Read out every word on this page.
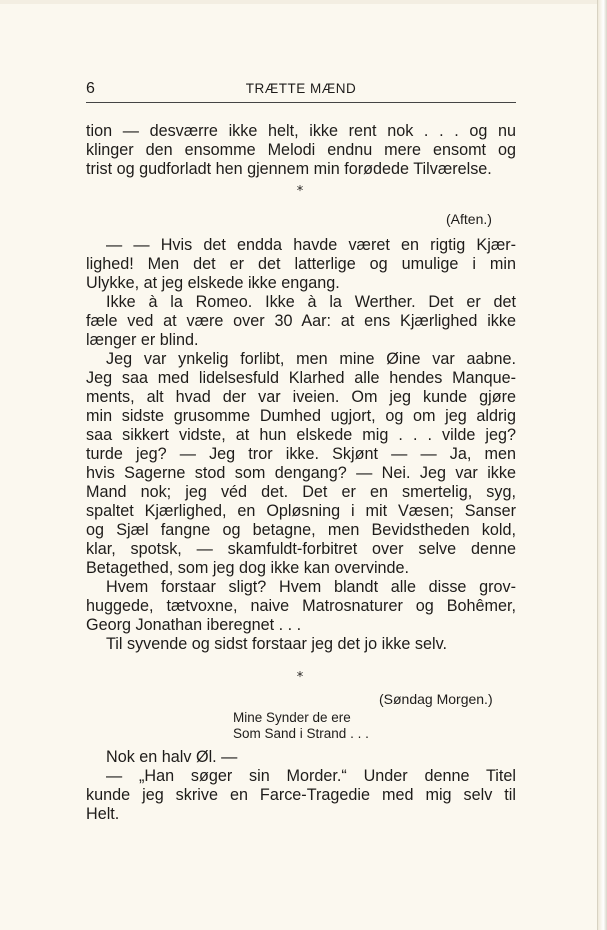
6	TRÆTTE MÆND
tion — desværre ikke helt, ikke rent nok . . . og nu
klinger den ensomme Melodi endnu mere ensomt og
trist og gudforladt hen gjennem min forødede Tilværelse.
*
(Aften.)
— — Hvis det endda havde været en rigtig Kjær-
lighed! Men det er det latterlige og umulige i min
Ulykke, at jeg elskede ikke engang.
Ikke à la Romeo. Ikke à la Werther. Det er det
fæle ved at være over 30 Aar: at ens Kjærlighed ikke
længer er blind.
Jeg var ynkelig forlibt, men mine Øine var aabne.
Jeg saa med lidelsesfuld Klarhed alle hendes Manque-
ments, alt hvad der var iveien. Om jeg kunde gjøre
min sidste grusomme Dumhed ugjort, og om jeg aldrig
saa sikkert vidste, at hun elskede mig . . . vilde jeg?
turde jeg? — Jeg tror ikke. Skjønt — — Ja, men
hvis Sagerne stod som dengang? — Nei. Jeg var ikke
Mand nok; jeg véd det. Det er en smertelig, syg,
spaltet Kjærlighed, en Opløsning i mit Væsen; Sanser
og Sjæl fangne og betagne, men Bevidstheden kold,
klar, spotsk, — skamfuldt-forbitret over selve denne
Betagethed, som jeg dog ikke kan overvinde.
Hvem forstaar sligt? Hvem blandt alle disse grov-
huggede, tætvoxne, naive Matrosnaturer og Bohêmer,
Georg Jonathan iberegnet . . .
Til syvende og sidst forstaar jeg det jo ikke selv.
*
(Søndag Morgen.)
Mine Synder de ere
Som Sand i Strand . . .
Nok en halv Øl. —
— „Han søger sin Morder.“ Under denne Titel
kunde jeg skrive en Farce-Tragedie med mig selv til
Helt.
